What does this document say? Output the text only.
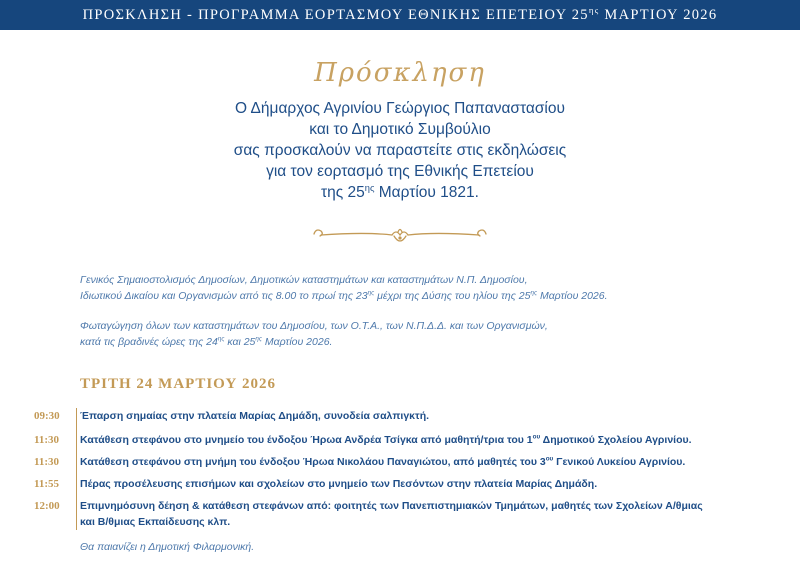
ΠΡΟΣΚΛΗΣΗ - ΠΡΟΓΡΑΜΜΑ ΕΟΡΤΑΣΜΟΥ ΕΘΝΙΚΗΣ ΕΠΕΤΕΙΟΥ $25^{\eta\varsigma}$ ΜΑΡΤΙΟΥ 2026
Πρόσκληση
Ο Δήμαρχος Αγρινίου Γεώργιος Παπαναστασίου
και το Δημοτικό Συμβούλιο
σας προσκαλούν να παραστείτε στις εκδηλώσεις
για τον εορτασμό της Εθνικής Επετείου
της $25^{\eta\varsigma}$ Μαρτίου 1821.

Γενικός Σημαιοστολισμός Δημοσίων, Δημοτικών καταστημάτων και καταστημάτων Ν.Π. Δημοσίου,
Ιδιωτικού Δικαίου και Οργανισμών από τις 8.00 το πρωί της $23^{\eta\varsigma}$ μέχρι της Δύσης του ηλίου της $25^{\eta\varsigma}$ Μαρτίου 2026.

Φωταγώγηση όλων των καταστημάτων του Δημοσίου, των Ο.Τ.Α., των Ν.Π.Δ.Δ. και των Οργανισμών,
κατά τις βραδινές ώρες της $24^{\eta\varsigma}$ και $25^{\eta\varsigma}$ Μαρτίου 2026.

ΤΡΙΤΗ 24 ΜΑΡΤΙΟΥ 2026
09:30	Έπαρση σημαίας στην πλατεία Μαρίας Δημάδη, συνοδεία σαλπιγκτή.
11:30	Κατάθεση στεφάνου στο μνημείο του ένδοξου Ήρωα Ανδρέα Τσίγκα από μαθητή/τρια του $1^{o\upsilon}$ Δημοτικού Σχολείου Αγρινίου.
11:30	Κατάθεση στεφάνου στη μνήμη του ένδοξου Ήρωα Νικολάου Παναγιώτου, από μαθητές του $3^{o\upsilon}$ Γενικού Λυκείου Αγρινίου.
11:55	Πέρας προσέλευσης επισήμων και σχολείων στο μνημείο των Πεσόντων στην πλατεία Μαρίας Δημάδη.
12:00	Επιμνημόσυνη δέηση & κατάθεση στεφάνων από: φοιτητές των Πανεπιστημιακών Τμημάτων, μαθητές των Σχολείων Α/θμιας
και Β/θμιας Εκπαίδευσης κλπ.
Θα παιανίζει η Δημοτική Φιλαρμονική.
